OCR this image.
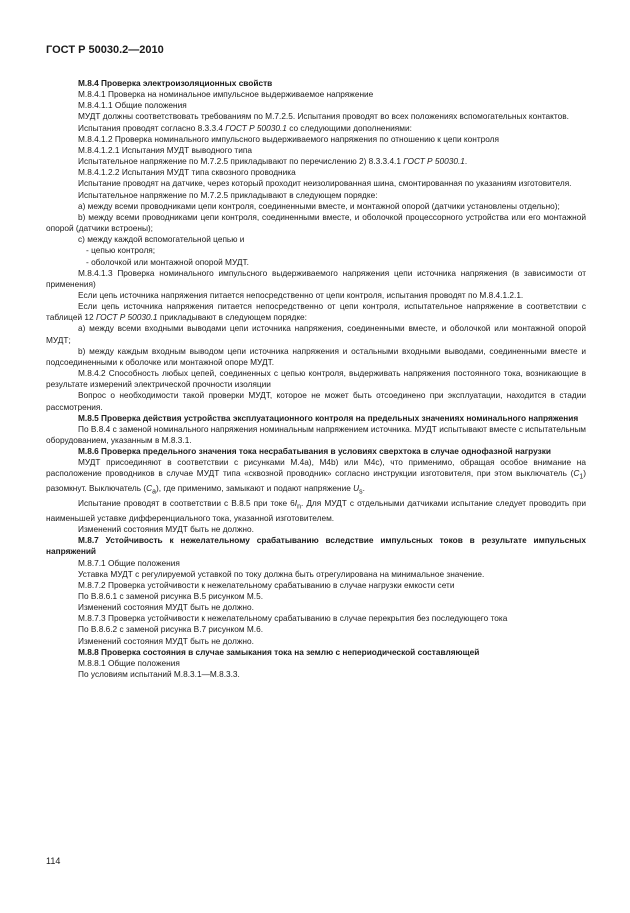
ГОСТ Р 50030.2—2010

М.8.4 Проверка электроизоляционных свойств

М.8.4.1 Проверка на номинальное импульсное выдерживаемое напряжение

М.8.4.1.1 Общие положения

МУДТ должны соответствовать требованиям по М.7.2.5. Испытания проводят во всех положениях вспомогательных контактов.

Испытания проводят согласно 8.3.3.4 ГОСТ Р 50030.1 со следующими дополнениями:

М.8.4.1.2 Проверка номинального импульсного выдерживаемого напряжения по отношению к цепи контроля

М.8.4.1.2.1 Испытания МУДТ выводного типа

Испытательное напряжение по М.7.2.5 прикладывают по перечислению 2) 8.3.3.4.1 ГОСТ Р 50030.1.

М.8.4.1.2.2 Испытания МУДТ типа сквозного проводника

Испытание проводят на датчике, через который проходит неизолированная шина, смонтированная по указаниям изготовителя.

Испытательное напряжение по М.7.2.5 прикладывают в следующем порядке:

а) между всеми проводниками цепи контроля, соединенными вместе, и монтажной опорой (датчики установлены отдельно);

b) между всеми проводниками цепи контроля, соединенными вместе, и оболочкой процессорного устройства или его монтажной опорой (датчики встроены);

с) между каждой вспомогательной цепью и

- цепью контроля;

- оболочкой или монтажной опорой МУДТ.

М.8.4.1.3 Проверка номинального импульсного выдерживаемого напряжения цепи источника напряжения (в зависимости от применения)

Если цепь источника напряжения питается непосредственно от цепи контроля, испытания проводят по М.8.4.1.2.1.

Если цепь источника напряжения питается непосредственно от цепи контроля, испытательное напряжение в соответствии с таблицей 12 ГОСТ Р 50030.1 прикладывают в следующем порядке:

а) между всеми входными выводами цепи источника напряжения, соединенными вместе, и оболочкой или монтажной опорой МУДТ;

b) между каждым входным выводом цепи источника напряжения и остальными входными выводами, соединенными вместе и подсоединенными к оболочке или монтажной опоре МУДТ.

М.8.4.2 Способность любых цепей, соединенных с цепью контроля, выдерживать напряжения постоянного тока, возникающие в результате измерений электрической прочности изоляции

Вопрос о необходимости такой проверки МУДТ, которое не может быть отсоединено при эксплуатации, находится в стадии рассмотрения.

М.8.5 Проверка действия устройства эксплуатационного контроля на предельных значениях номинального напряжения

По В.8.4 с заменой номинального напряжения номинальным напряжением источника. МУДТ испытывают вместе с испытательным оборудованием, указанным в М.8.3.1.

М.8.6 Проверка предельного значения тока несрабатывания в условиях сверхтока в случае однофазной нагрузки

МУДТ присоединяют в соответствии с рисунками М.4а), М4b) или М4с), что применимо, обращая особое внимание на расположение проводников в случае МУДТ типа «сквозной проводник» согласно инструкции изготовителя, при этом выключатель $(C_1)$ разомкнут. Выключатель $(C_a)$, где применимо, замыкают и подают напряжение $U_s$.

Испытание проводят в соответствии с В.8.5 при токе $6I_n$. Для МУДТ с отдельными датчиками испытание следует проводить при наименьшей уставке дифференциального тока, указанной изготовителем.

Изменений состояния МУДТ быть не должно.

М.8.7 Устойчивость к нежелательному срабатыванию вследствие импульсных токов в результате импульсных напряжений

М.8.7.1 Общие положения

Уставка МУДТ с регулируемой уставкой по току должна быть отрегулирована на минимальное значение.

М.8.7.2 Проверка устойчивости к нежелательному срабатыванию в случае нагрузки емкости сети

По В.8.6.1 с заменой рисунка В.5 рисунком М.5.

Изменений состояния МУДТ быть не должно.

М.8.7.3 Проверка устойчивости к нежелательному срабатыванию в случае перекрытия без последующего тока

По В.8.6.2 с заменой рисунка В.7 рисунком М.6.

Изменений состояния МУДТ быть не должно.

М.8.8 Проверка состояния в случае замыкания тока на землю с непериодической составляющей

М.8.8.1 Общие положения

По условиям испытаний М.8.3.1—М.8.3.3.

114
